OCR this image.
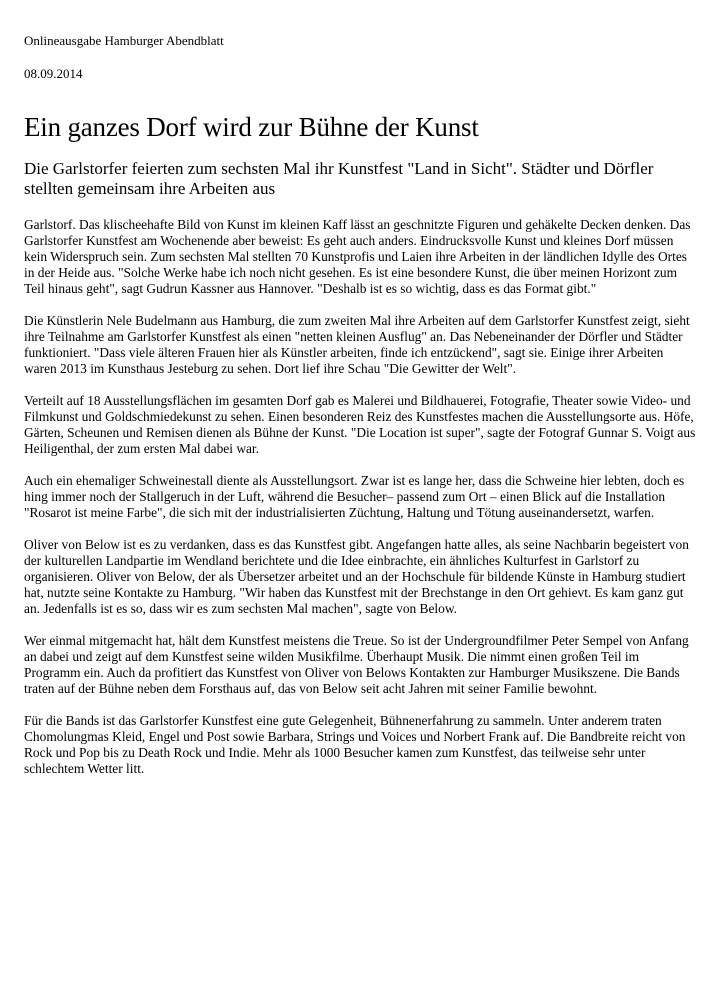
Onlineausgabe Hamburger Abendblatt

08.09.2014

Ein ganzes Dorf wird zur Bühne der Kunst
Die Garlstorfer feierten zum sechsten Mal ihr Kunstfest "Land in Sicht". Städter und Dörfler stellten gemeinsam ihre Arbeiten aus

Garlstorf. Das klischeehafte Bild von Kunst im kleinen Kaff lässt an geschnitzte Figuren und gehäkelte Decken denken. Das Garlstorfer Kunstfest am Wochenende aber beweist: Es geht auch anders. Eindrucksvolle Kunst und kleines Dorf müssen kein Widerspruch sein. Zum sechsten Mal stellten 70 Kunstprofis und Laien ihre Arbeiten in der ländlichen Idylle des Ortes in der Heide aus. "Solche Werke habe ich noch nicht gesehen. Es ist eine besondere Kunst, die über meinen Horizont zum Teil hinaus geht", sagt Gudrun Kassner aus Hannover. "Deshalb ist es so wichtig, dass es das Format gibt."

Die Künstlerin Nele Budelmann aus Hamburg, die zum zweiten Mal ihre Arbeiten auf dem Garlstorfer Kunstfest zeigt, sieht ihre Teilnahme am Garlstorfer Kunstfest als einen "netten kleinen Ausflug" an. Das Nebeneinander der Dörfler und Städter funktioniert. "Dass viele älteren Frauen hier als Künstler arbeiten, finde ich entzückend", sagt sie. Einige ihrer Arbeiten waren 2013 im Kunsthaus Jesteburg zu sehen. Dort lief ihre Schau "Die Gewitter der Welt".

Verteilt auf 18 Ausstellungsflächen im gesamten Dorf gab es Malerei und Bildhauerei, Fotografie, Theater sowie Video- und Filmkunst und Goldschmiedekunst zu sehen. Einen besonderen Reiz des Kunstfestes machen die Ausstellungsorte aus. Höfe, Gärten, Scheunen und Remisen dienen als Bühne der Kunst. "Die Location ist super", sagte der Fotograf Gunnar S. Voigt aus Heiligenthal, der zum ersten Mal dabei war.

Auch ein ehemaliger Schweinestall diente als Ausstellungsort. Zwar ist es lange her, dass die Schweine hier lebten, doch es hing immer noch der Stallgeruch in der Luft, während die Besucher– passend zum Ort – einen Blick auf die Installation "Rosarot ist meine Farbe", die sich mit der industrialisierten Züchtung, Haltung und Tötung auseinandersetzt, warfen.

Oliver von Below ist es zu verdanken, dass es das Kunstfest gibt. Angefangen hatte alles, als seine Nachbarin begeistert von der kulturellen Landpartie im Wendland berichtete und die Idee einbrachte, ein ähnliches Kulturfest in Garlstorf zu organisieren. Oliver von Below, der als Übersetzer arbeitet und an der Hochschule für bildende Künste in Hamburg studiert hat, nutzte seine Kontakte zu Hamburg. "Wir haben das Kunstfest mit der Brechstange in den Ort gehievt. Es kam ganz gut an. Jedenfalls ist es so, dass wir es zum sechsten Mal machen", sagte von Below.

Wer einmal mitgemacht hat, hält dem Kunstfest meistens die Treue. So ist der Undergroundfilmer Peter Sempel von Anfang an dabei und zeigt auf dem Kunstfest seine wilden Musikfilme. Überhaupt Musik. Die nimmt einen großen Teil im Programm ein. Auch da profitiert das Kunstfest von Oliver von Belows Kontakten zur Hamburger Musikszene. Die Bands traten auf der Bühne neben dem Forsthaus auf, das von Below seit acht Jahren mit seiner Familie bewohnt.

Für die Bands ist das Garlstorfer Kunstfest eine gute Gelegenheit, Bühnenerfahrung zu sammeln. Unter anderem traten Chomolungmas Kleid, Engel und Post sowie Barbara, Strings und Voices und Norbert Frank auf. Die Bandbreite reicht von Rock und Pop bis zu Death Rock und Indie. Mehr als 1000 Besucher kamen zum Kunstfest, das teilweise sehr unter schlechtem Wetter litt.
